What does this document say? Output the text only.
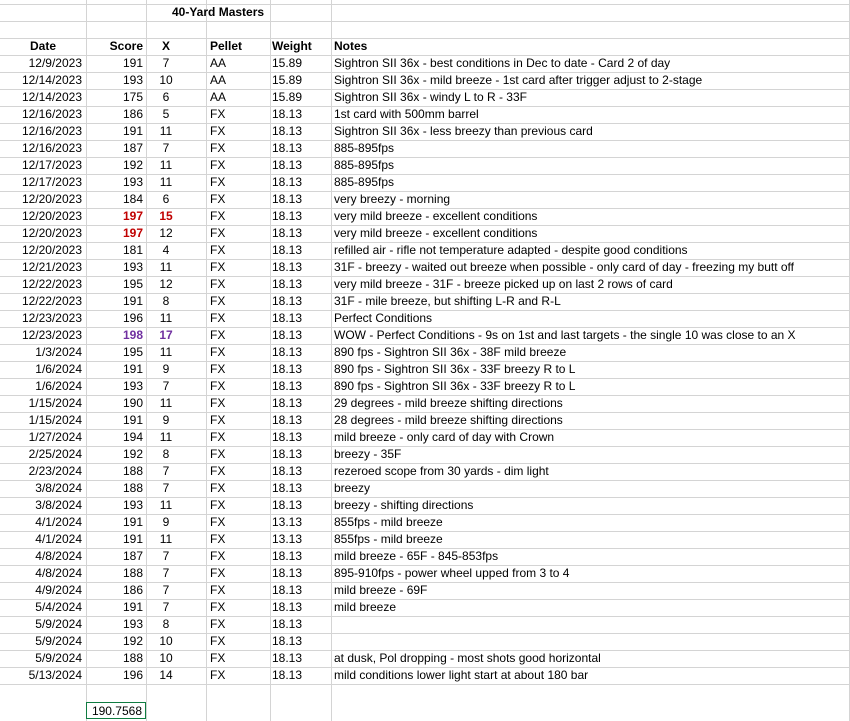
40-Yard Masters
Date	Score	X	Pellet	Weight	Notes
12/9/2023	191	7	AA	15.89	Sightron SII 36x - best conditions in Dec to date - Card 2 of day
12/14/2023	193	10	AA	15.89	Sightron SII 36x - mild breeze - 1st card after trigger adjust to 2-stage
12/14/2023	175	6	AA	15.89	Sightron SII 36x - windy L to R - 33F
12/16/2023	186	5	FX	18.13	1st card with 500mm barrel
12/16/2023	191	11	FX	18.13	Sightron SII 36x - less breezy than previous card
12/16/2023	187	7	FX	18.13	885-895fps
12/17/2023	192	11	FX	18.13	885-895fps
12/17/2023	193	11	FX	18.13	885-895fps
12/20/2023	184	6	FX	18.13	very breezy - morning
12/20/2023	197	15	FX	18.13	very mild breeze - excellent conditions
12/20/2023	197	12	FX	18.13	very mild breeze - excellent conditions
12/20/2023	181	4	FX	18.13	refilled air - rifle not temperature adapted - despite good conditions
12/21/2023	193	11	FX	18.13	31F - breezy - waited out breeze when possible - only card of day - freezing my butt off
12/22/2023	195	12	FX	18.13	very mild breeze - 31F - breeze picked up on last 2 rows of card
12/22/2023	191	8	FX	18.13	31F - mile breeze, but shifting L-R and R-L
12/23/2023	196	11	FX	18.13	Perfect Conditions
12/23/2023	198	17	FX	18.13	WOW - Perfect Conditions - 9s on 1st and last targets - the single 10 was close to an X
1/3/2024	195	11	FX	18.13	890 fps - Sightron SII 36x - 38F mild breeze
1/6/2024	191	9	FX	18.13	890 fps - Sightron SII 36x - 33F breezy R to L
1/6/2024	193	7	FX	18.13	890 fps - Sightron SII 36x - 33F breezy R to L
1/15/2024	190	11	FX	18.13	29 degrees - mild breeze shifting directions
1/15/2024	191	9	FX	18.13	28 degrees - mild breeze shifting directions
1/27/2024	194	11	FX	18.13	mild breeze - only card of day with Crown
2/25/2024	192	8	FX	18.13	breezy - 35F
2/23/2024	188	7	FX	18.13	rezeroed scope from 30 yards - dim light
3/8/2024	188	7	FX	18.13	breezy
3/8/2024	193	11	FX	18.13	breezy - shifting directions
4/1/2024	191	9	FX	13.13	855fps - mild breeze
4/1/2024	191	11	FX	13.13	855fps - mild breeze
4/8/2024	187	7	FX	18.13	mild breeze - 65F - 845-853fps
4/8/2024	188	7	FX	18.13	895-910fps - power wheel upped from 3 to 4
4/9/2024	186	7	FX	18.13	mild breeze - 69F
5/4/2024	191	7	FX	18.13	mild breeze
5/9/2024	193	8	FX	18.13
5/9/2024	192	10	FX	18.13
5/9/2024	188	10	FX	18.13	at dusk, Pol dropping - most shots good horizontal
5/13/2024	196	14	FX	18.13	mild conditions lower light start at about 180 bar
190.7568
